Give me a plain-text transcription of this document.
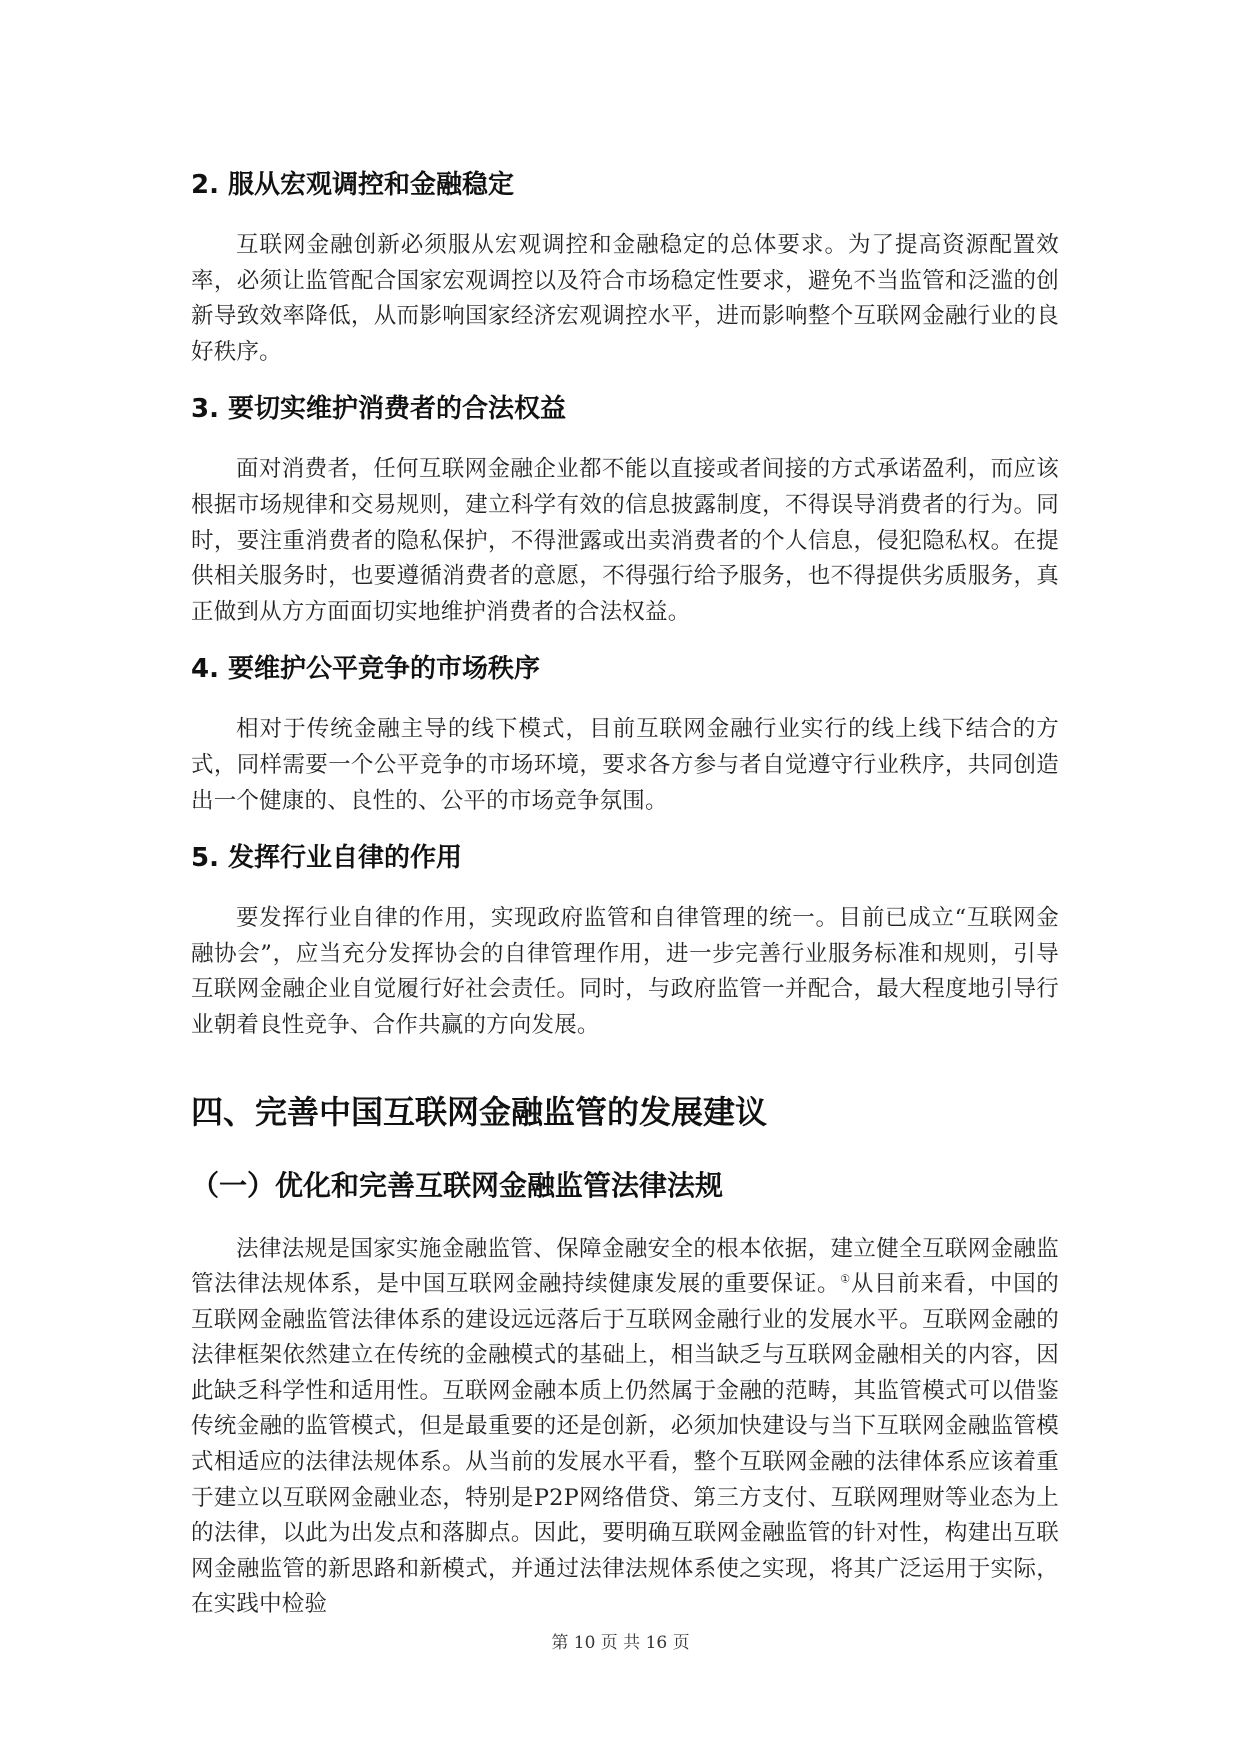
2. 服从宏观调控和金融稳定

互联网金融创新必须服从宏观调控和金融稳定的总体要求。为了提高资源配置效率，必须让监管配合国家宏观调控以及符合市场稳定性要求，避免不当监管和泛滥的创新导致效率降低，从而影响国家经济宏观调控水平，进而影响整个互联网金融行业的良好秩序。

3. 要切实维护消费者的合法权益

面对消费者，任何互联网金融企业都不能以直接或者间接的方式承诺盈利，而应该根据市场规律和交易规则，建立科学有效的信息披露制度，不得误导消费者的行为。同时，要注重消费者的隐私保护，不得泄露或出卖消费者的个人信息，侵犯隐私权。在提供相关服务时，也要遵循消费者的意愿，不得强行给予服务，也不得提供劣质服务，真正做到从方方面面切实地维护消费者的合法权益。

4. 要维护公平竞争的市场秩序

相对于传统金融主导的线下模式，目前互联网金融行业实行的线上线下结合的方式，同样需要一个公平竞争的市场环境，要求各方参与者自觉遵守行业秩序，共同创造出一个健康的、良性的、公平的市场竞争氛围。

5. 发挥行业自律的作用

要发挥行业自律的作用，实现政府监管和自律管理的统一。目前已成立“互联网金融协会”，应当充分发挥协会的自律管理作用，进一步完善行业服务标准和规则，引导互联网金融企业自觉履行好社会责任。同时，与政府监管一并配合，最大程度地引导行业朝着良性竞争、合作共赢的方向发展。

四、完善中国互联网金融监管的发展建议
（一）优化和完善互联网金融监管法律法规

法律法规是国家实施金融监管、保障金融安全的根本依据，建立健全互联网金融监管法律法规体系，是中国互联网金融持续健康发展的重要保证。①从目前来看，中国的互联网金融监管法律体系的建设远远落后于互联网金融行业的发展水平。互联网金融的法律框架依然建立在传统的金融模式的基础上，相当缺乏与互联网金融相关的内容，因此缺乏科学性和适用性。互联网金融本质上仍然属于金融的范畴，其监管模式可以借鉴传统金融的监管模式，但是最重要的还是创新，必须加快建设与当下互联网金融监管模式相适应的法律法规体系。从当前的发展水平看，整个互联网金融的法律体系应该着重于建立以互联网金融业态，特别是P2P网络借贷、第三方支付、互联网理财等业态为上的法律，以此为出发点和落脚点。因此，要明确互联网金融监管的针对性，构建出互联网金融监管的新思路和新模式，并通过法律法规体系使之实现，将其广泛运用于实际，在实践中检验

第 10 页 共 16 页
